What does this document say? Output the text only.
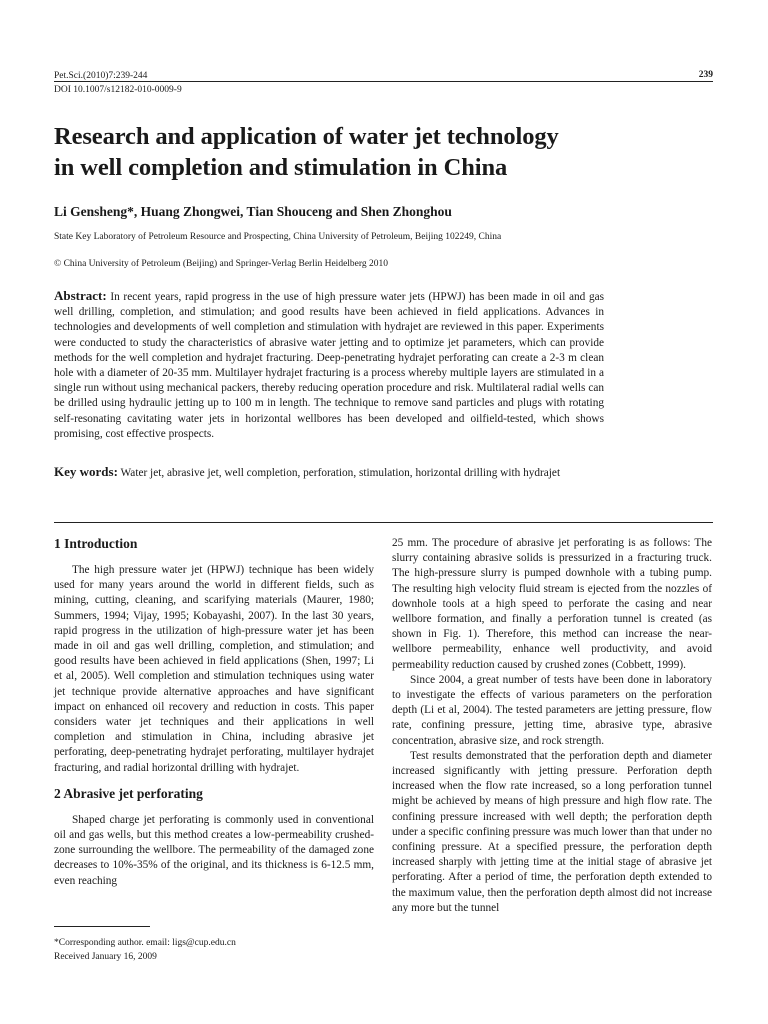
Pet.Sci.(2010)7:239-244
DOI 10.1007/s12182-010-0009-9
239
Research and application of water jet technology
in well completion and stimulation in China
Li Gensheng*, Huang Zhongwei, Tian Shouceng and Shen Zhonghou
State Key Laboratory of Petroleum Resource and Prospecting, China University of Petroleum, Beijing 102249, China
© China University of Petroleum (Beijing) and Springer-Verlag Berlin Heidelberg 2010
Abstract: In recent years, rapid progress in the use of high pressure water jets (HPWJ) has been made in oil and gas well drilling, completion, and stimulation; and good results have been achieved in field applications. Advances in technologies and developments of well completion and stimulation with hydrajet are reviewed in this paper. Experiments were conducted to study the characteristics of abrasive water jetting and to optimize jet parameters, which can provide methods for the well completion and hydrajet fracturing. Deep-penetrating hydrajet perforating can create a 2-3 m clean hole with a diameter of 20-35 mm. Multilayer hydrajet fracturing is a process whereby multiple layers are stimulated in a single run without using mechanical packers, thereby reducing operation procedure and risk. Multilateral radial wells can be drilled using hydraulic jetting up to 100 m in length. The technique to remove sand particles and plugs with rotating self-resonating cavitating water jets in horizontal wellbores has been developed and oilfield-tested, which shows promising, cost effective prospects.
Key words: Water jet, abrasive jet, well completion, perforation, stimulation, horizontal drilling with hydrajet
1 Introduction

The high pressure water jet (HPWJ) technique has been widely used for many years around the world in different fields, such as mining, cutting, cleaning, and scarifying materials (Maurer, 1980; Summers, 1994; Vijay, 1995; Kobayashi, 2007). In the last 30 years, rapid progress in the utilization of high-pressure water jet has been made in oil and gas well drilling, completion, and stimulation; and good results have been achieved in field applications (Shen, 1997; Li et al, 2005). Well completion and stimulation techniques using water jet technique provide alternative approaches and have significant impact on enhanced oil recovery and reduction in costs. This paper considers water jet techniques and their applications in well completion and stimulation in China, including abrasive jet perforating, deep-penetrating hydrajet perforating, multilayer hydrajet fracturing, and radial horizontal drilling with hydrajet.

2 Abrasive jet perforating

Shaped charge jet perforating is commonly used in conventional oil and gas wells, but this method creates a low-permeability crushed-zone surrounding the wellbore. The permeability of the damaged zone decreases to 10%-35% of the original, and its thickness is 6-12.5 mm, even reaching

25 mm. The procedure of abrasive jet perforating is as follows: The slurry containing abrasive solids is pressurized in a fracturing truck. The high-pressure slurry is pumped downhole with a tubing pump. The resulting high velocity fluid stream is ejected from the nozzles of downhole tools at a high speed to perforate the casing and near wellbore formation, and finally a perforation tunnel is created (as shown in Fig. 1). Therefore, this method can increase the near-wellbore permeability, enhance well productivity, and avoid permeability reduction caused by crushed zones (Cobbett, 1999).

Since 2004, a great number of tests have been done in laboratory to investigate the effects of various parameters on the perforation depth (Li et al, 2004). The tested parameters are jetting pressure, flow rate, confining pressure, jetting time, abrasive type, abrasive concentration, abrasive size, and rock strength.

Test results demonstrated that the perforation depth and diameter increased significantly with jetting pressure. Perforation depth increased when the flow rate increased, so a long perforation tunnel might be achieved by means of high pressure and high flow rate. The confining pressure increased with well depth; the perforation depth under a specific confining pressure was much lower than that under no confining pressure. At a specified pressure, the perforation depth increased sharply with jetting time at the initial stage of abrasive jet perforating. After a period of time, the perforation depth extended to the maximum value, then the perforation depth almost did not increase any more but the tunnel

*Corresponding author. email: ligs@cup.edu.cn
Received January 16, 2009
